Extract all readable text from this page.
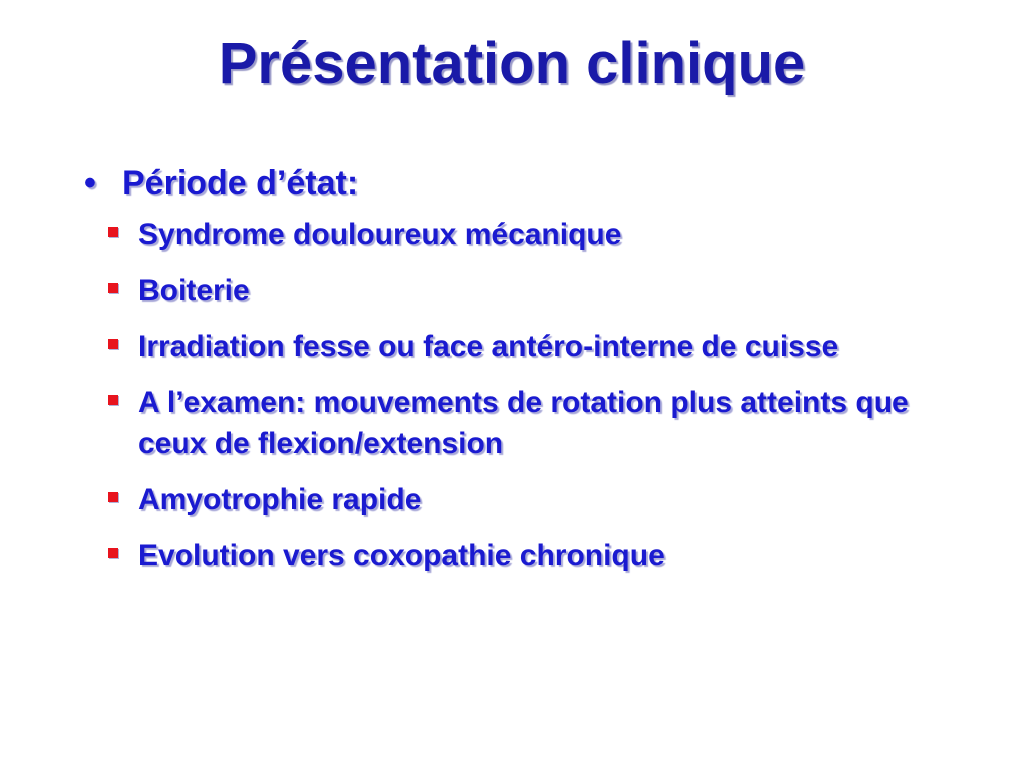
Présentation clinique
• Période d’état:
Syndrome douloureux mécanique
Boiterie
Irradiation fesse ou face antéro-interne de cuisse
A l’examen: mouvements de rotation plus atteints que ceux de flexion/extension
Amyotrophie rapide
Evolution vers coxopathie chronique
